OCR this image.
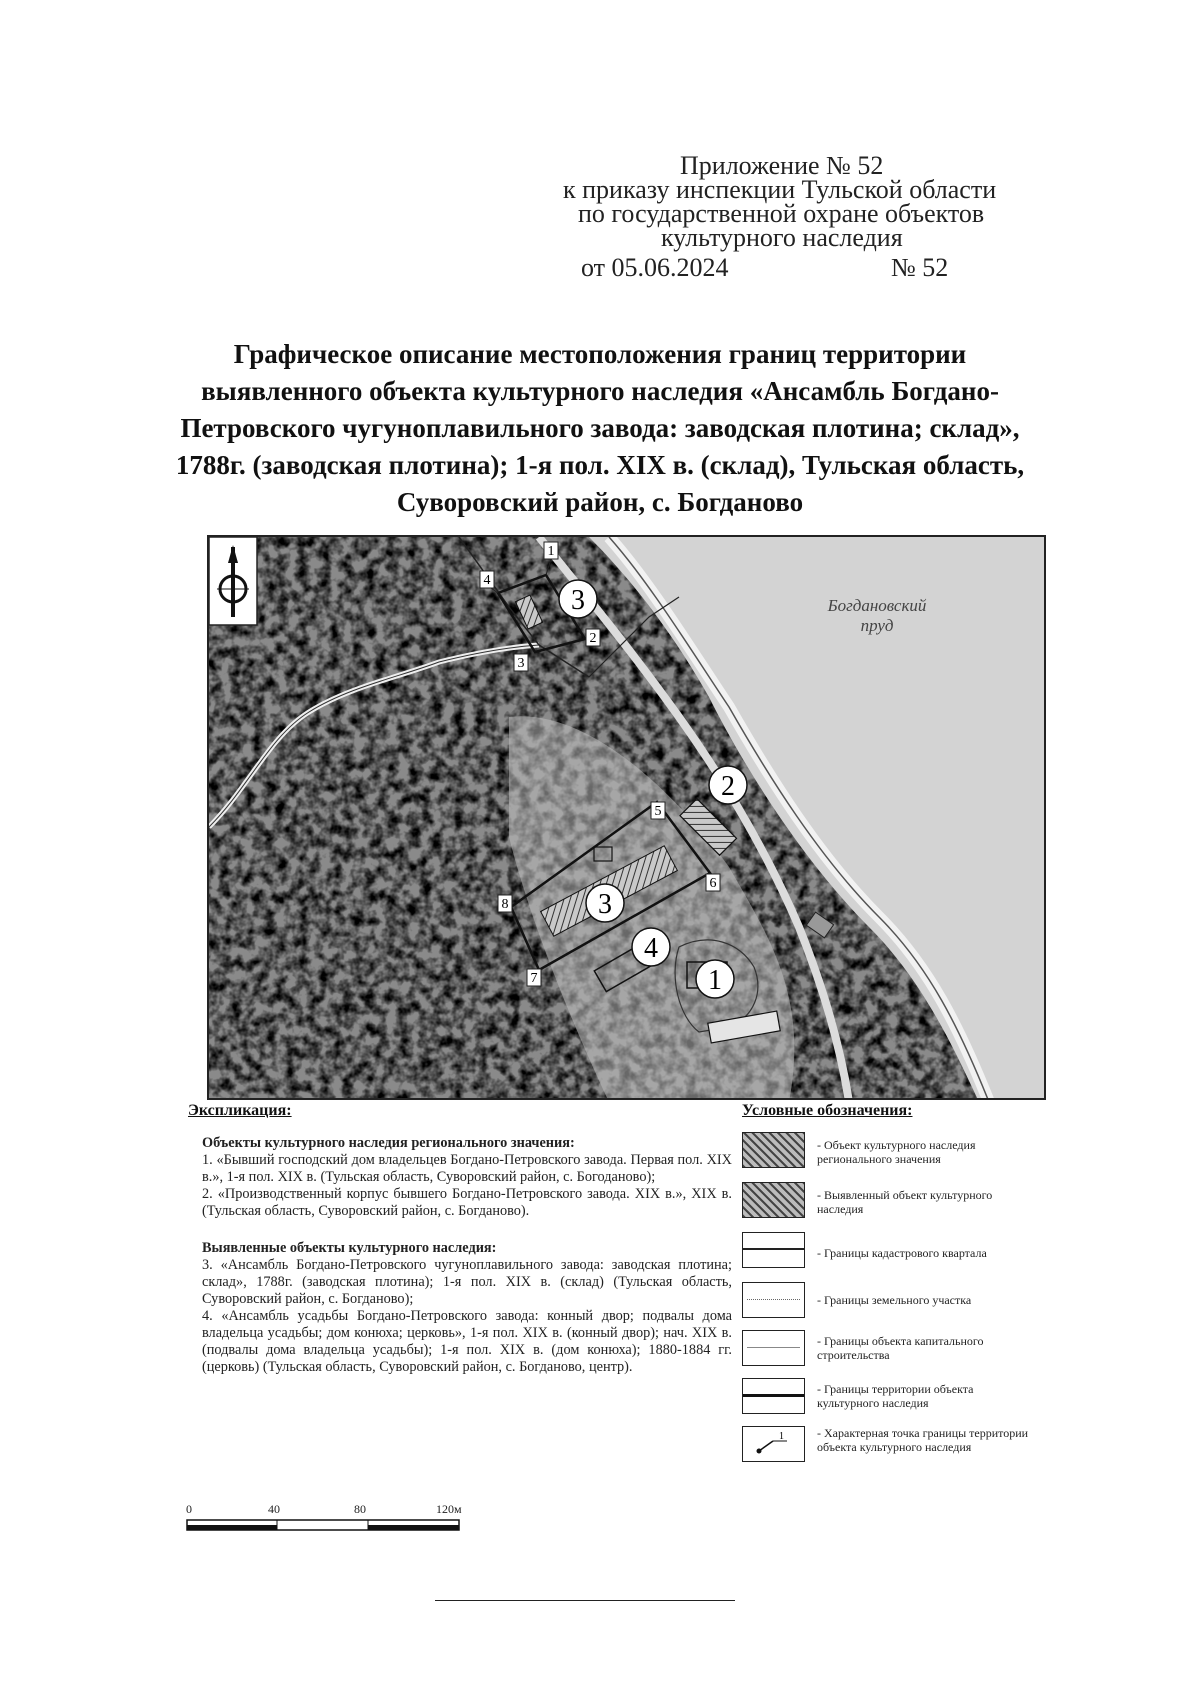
Приложение № 52
к приказу инспекции Тульской области
по государственной охране объектов
культурного наследия
от 05.06.2024	№ 52
Графическое описание местоположения границ территории
выявленного объекта культурного наследия «Ансамбль Богдано-
Петровского чугуноплавильного завода: заводская плотина; склад»,
1788г. (заводская плотина); 1-я пол. XIX в. (склад), Тульская область,
Суворовский район, с. Богданово
3
2
3
4
1
Богдановский
пруд
1
2
3
4
5
6
7
8
Экспликация:

Объекты культурного наследия регионального значения:

1. «Бывший господский дом владельцев Богдано-Петровского завода. Первая пол. XIX в.», 1-я пол. XIX в. (Тульская область, Суворовский район, с. Богоданово);

2. «Производственный корпус бывшего Богдано-Петровского завода. XIX в.», XIX в. (Тульская область, Суворовский район, с. Богданово).

Выявленные объекты культурного наследия:

3. «Ансамбль Богдано-Петровского чугуноплавильного завода: заводская плотина; склад», 1788г. (заводская плотина); 1-я пол. XIX в. (склад) (Тульская область, Суворовский район, с. Богданово);

4. «Ансамбль усадьбы Богдано-Петровского завода: конный двор; подвалы дома владельца усадьбы; дом конюха; церковь», 1-я пол. XIX в. (конный двор); нач. XIX в. (подвалы дома владельца усадьбы); 1-я пол. XIX в. (дом конюха); 1880-1884 гг. (церковь) (Тульская область, Суворовский район, с. Богданово, центр).

Условные обозначения:
- Объект культурного наследия регионального значения
- Выявленный объект культурного наследия
- Границы кадастрового квартала
- Границы земельного участка
- Границы объекта капитального строительства
- Границы территории объекта культурного наследия
1	- Характерная точка границы территории объекта культурного наследия
0	40	80	120м
